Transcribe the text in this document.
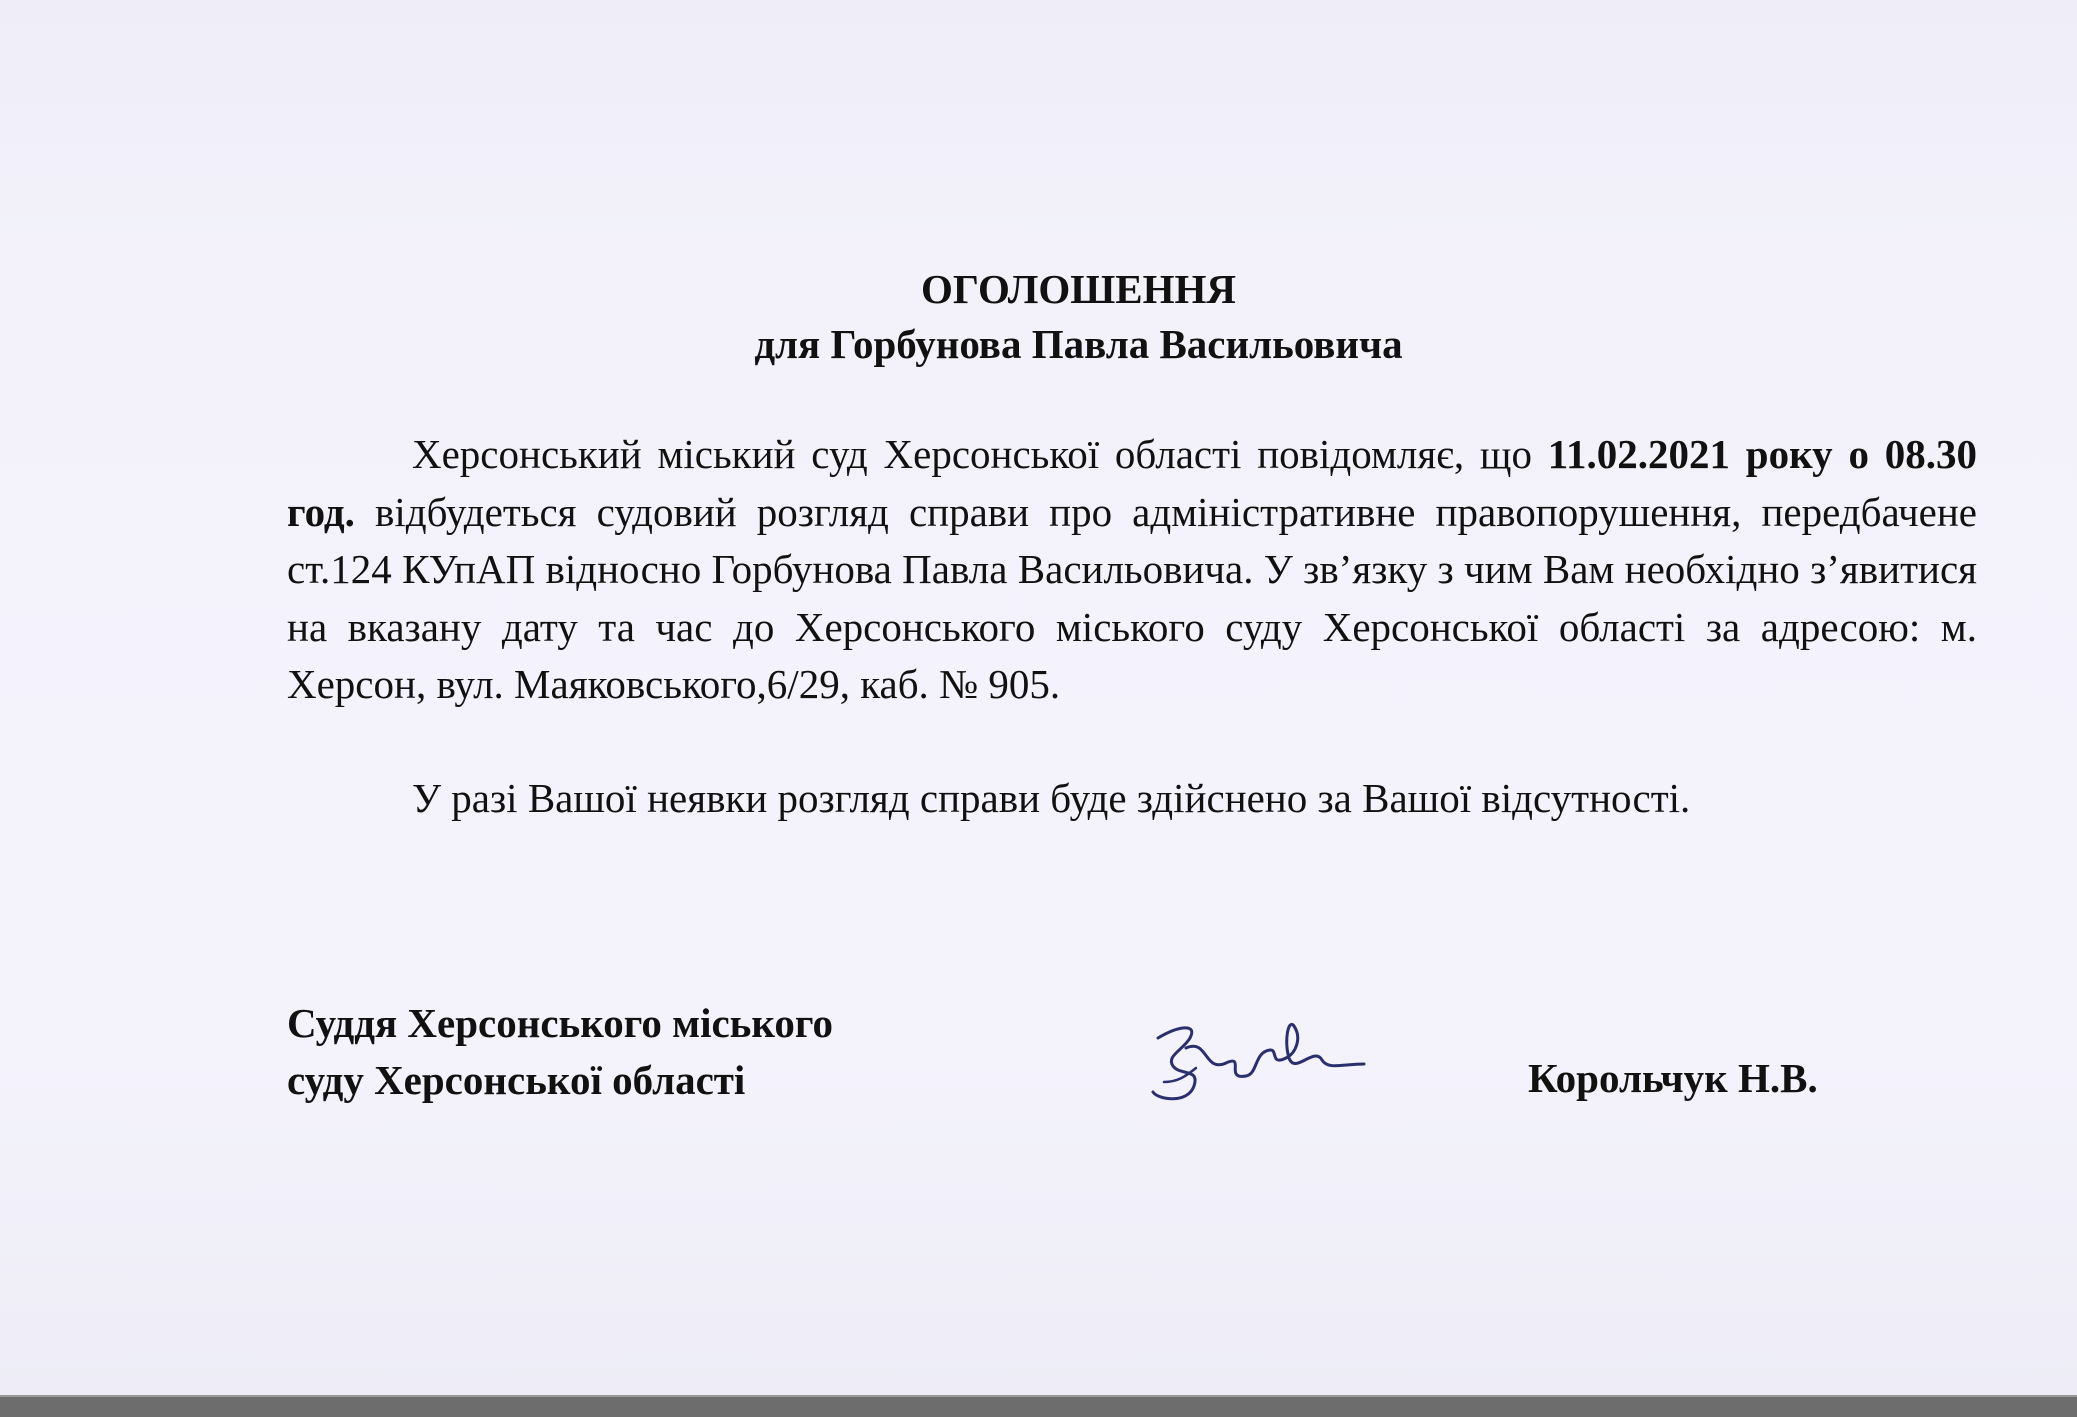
ОГОЛОШЕННЯ
для Горбунова Павла Васильовича
Херсонський міський суд Херсонської області повідомляє, що 11.02.2021 року о 08.30 год. відбудеться судовий розгляд справи про адміністративне правопорушення, передбачене ст.124 КУпАП відносно Горбунова Павла Васильовича. У зв’язку з чим Вам необхідно з’явитися на вказану дату та час до Херсонського міського суду Херсонської області за адресою: м. Херсон, вул. Маяковського,6/29, каб. № 905.
У разі Вашої неявки розгляд справи буде здійснено за Вашої відсутності.
Суддя Херсонського міського
суду Херсонської області	Корольчук Н.В.
